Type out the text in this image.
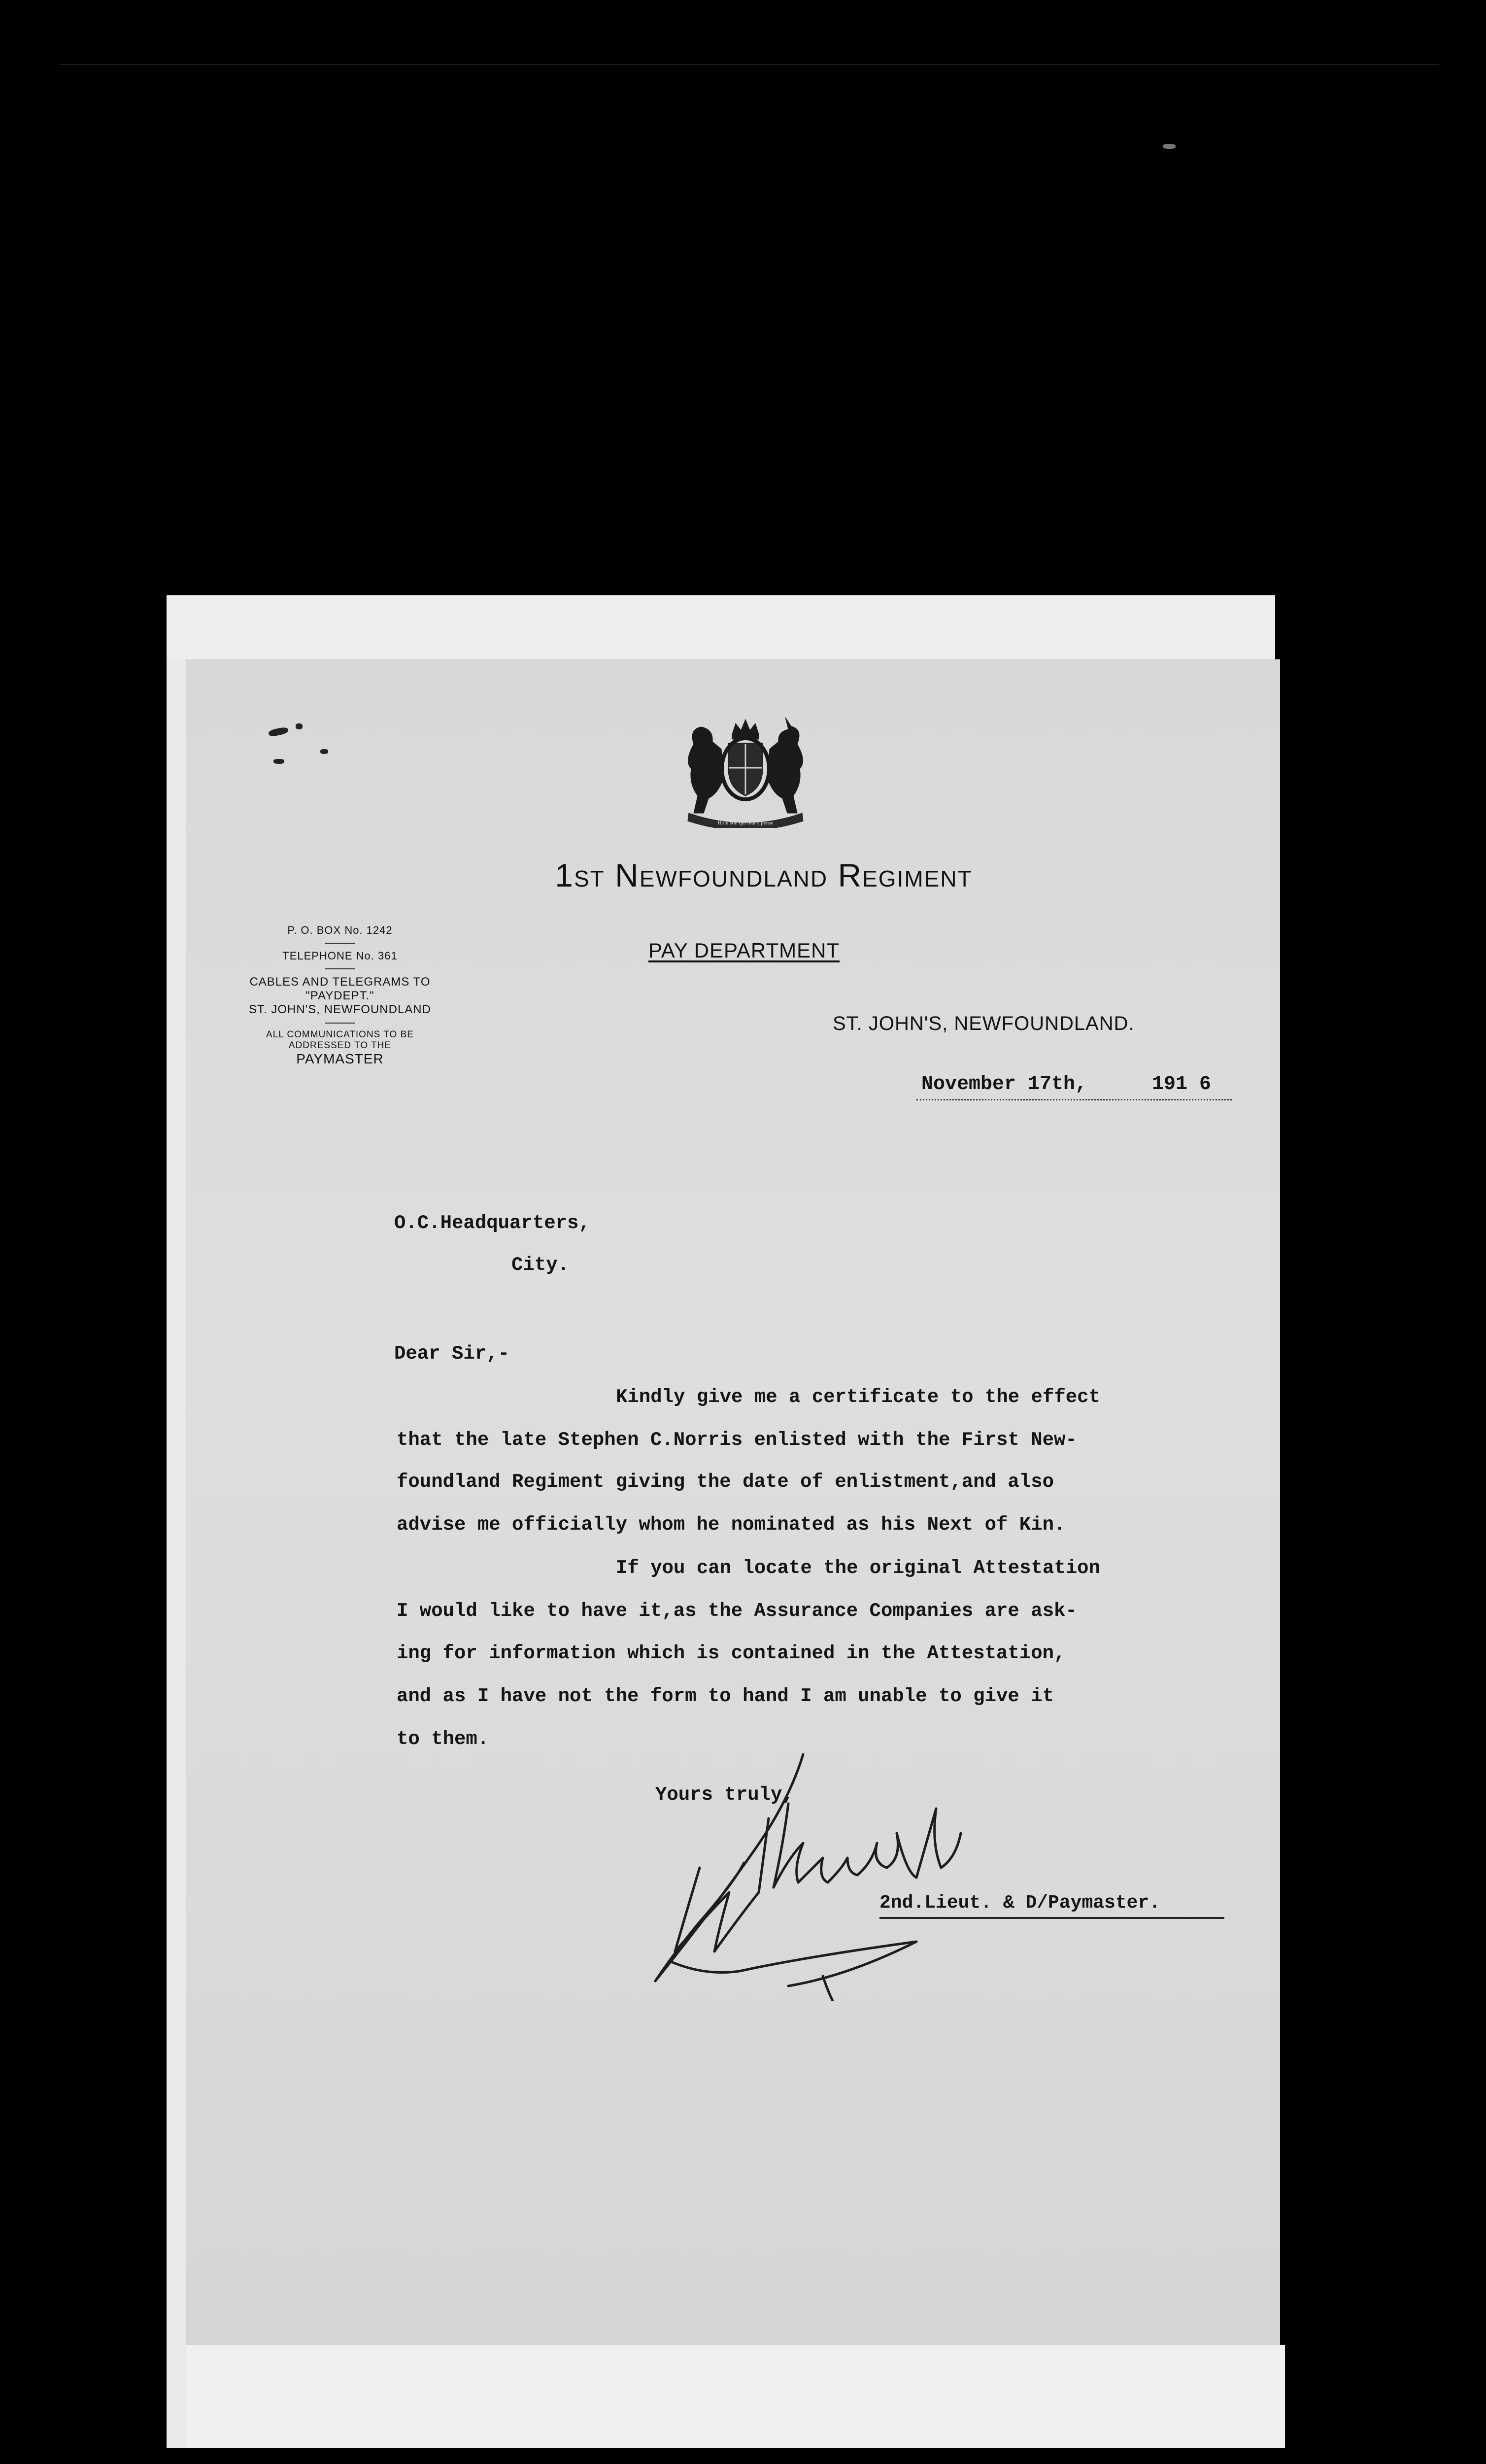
Honi soit qui mal y pense
1st Newfoundland Regiment
PAY DEPARTMENT
P. O. BOX No. 1242
TELEPHONE No. 361
CABLES AND TELEGRAMS TO
"PAYDEPT."
ST. JOHN'S, NEWFOUNDLAND
ALL COMMUNICATIONS TO BE
ADDRESSED TO THE
PAYMASTER
ST. JOHN'S, NEWFOUNDLAND.
November 17th,	191 6
O.C.Headquarters,
City.
Dear Sir,-
Kindly give me a certificate to the effect
that the late Stephen C.Norris enlisted with the First New-
foundland Regiment giving the date of enlistment,and also
advise me officially whom he nominated as his Next of Kin.
If you can locate the original Attestation
I would like to have it,as the Assurance Companies are ask-
ing for information which is contained in the Attestation,
and as I have not the form to hand I am unable to give it
to them.
Yours truly,
2nd.Lieut. & D/Paymaster.
